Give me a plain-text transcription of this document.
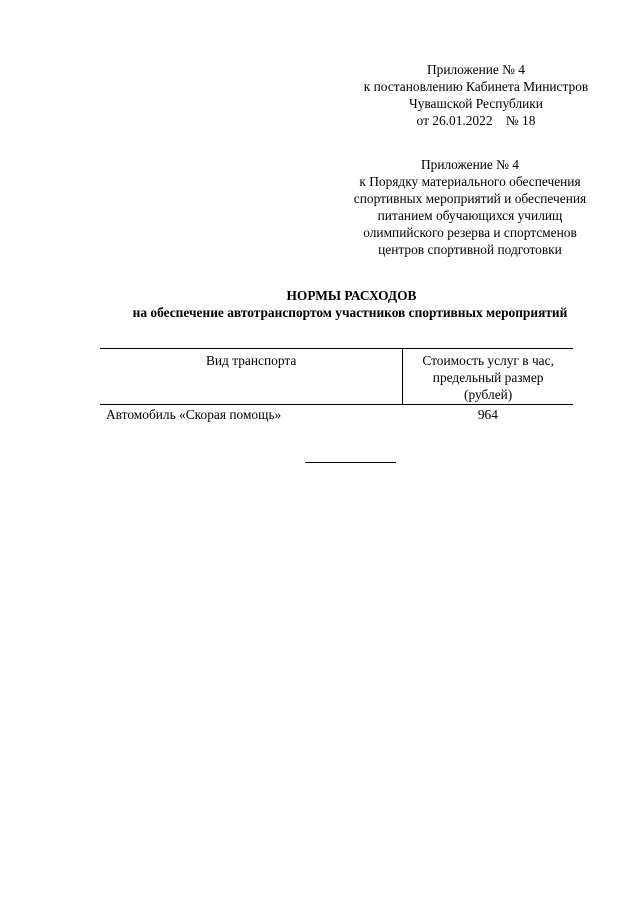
Приложение № 4
к постановлению Кабинета Министров
Чувашской Республики
от 26.01.2022    № 18
Приложение № 4
к Порядку материального обеспечения
спортивных мероприятий и обеспечения
питанием обучающихся училищ
олимпийского резерва и спортсменов
центров спортивной подготовки
НОРМЫ РАСХОДОВ
на обеспечение автотранспортом участников спортивных мероприятий
Вид транспорта	Стоимость услуг в час,
предельный размер
(рублей)

Автомобиль «Скорая помощь»	964
